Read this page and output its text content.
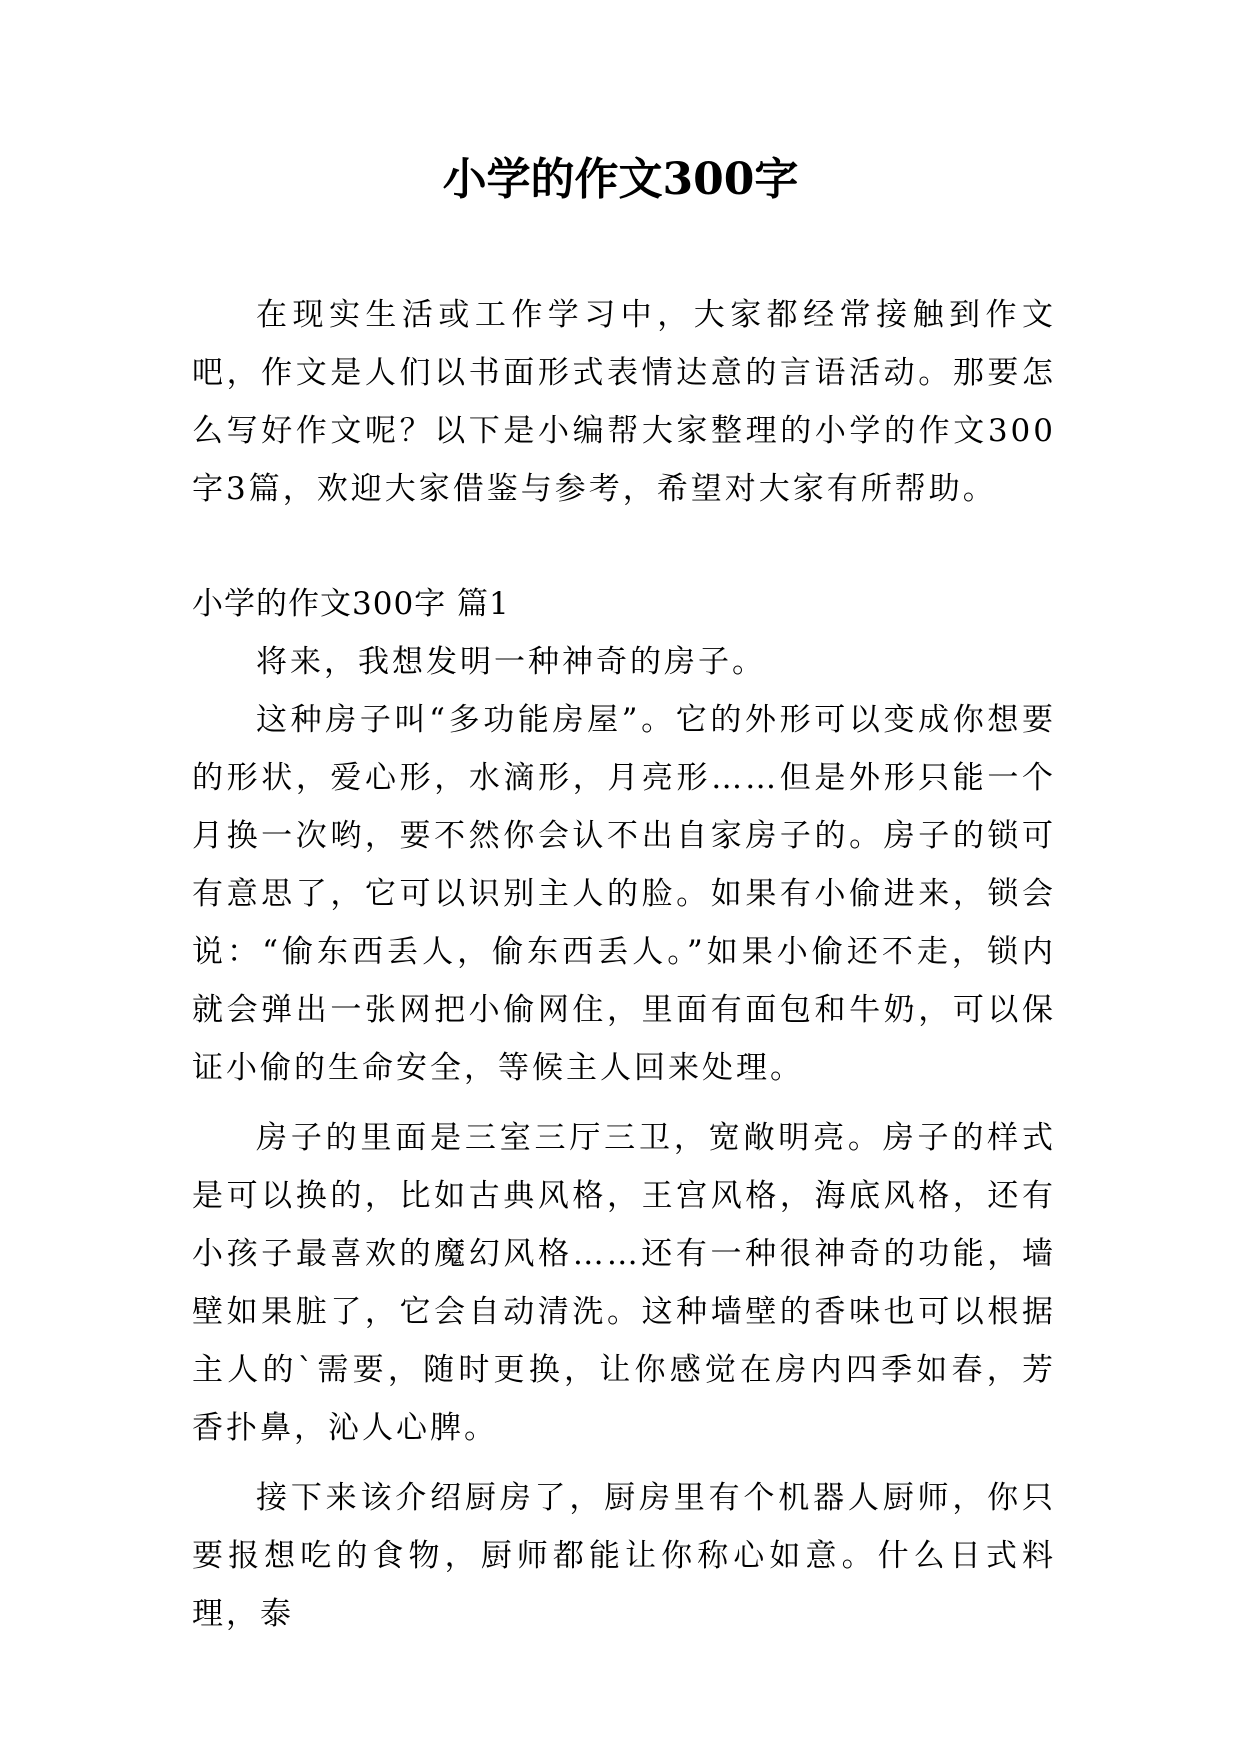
小学的作文300字

在现实生活或工作学习中，大家都经常接触到作文吧，作文是人们以书面形式表情达意的言语活动。那要怎么写好作文呢？以下是小编帮大家整理的小学的作文300字3篇，欢迎大家借鉴与参考，希望对大家有所帮助。

小学的作文300字 篇1

将来，我想发明一种神奇的房子。

这种房子叫“多功能房屋”。它的外形可以变成你想要的形状，爱心形，水滴形，月亮形……但是外形只能一个月换一次哟，要不然你会认不出自家房子的。房子的锁可有意思了，它可以识别主人的脸。如果有小偷进来，锁会说：“偷东西丢人，偷东西丢人。”如果小偷还不走，锁内就会弹出一张网把小偷网住，里面有面包和牛奶，可以保证小偷的生命安全，等候主人回来处理。

房子的里面是三室三厅三卫，宽敞明亮。房子的样式是可以换的，比如古典风格，王宫风格，海底风格，还有小孩子最喜欢的魔幻风格……还有一种很神奇的功能，墙壁如果脏了，它会自动清洗。这种墙壁的香味也可以根据主人的`需要，随时更换，让你感觉在房内四季如春，芳香扑鼻，沁人心脾。

接下来该介绍厨房了，厨房里有个机器人厨师，你只要报想吃的食物，厨师都能让你称心如意。什么日式料理，泰
